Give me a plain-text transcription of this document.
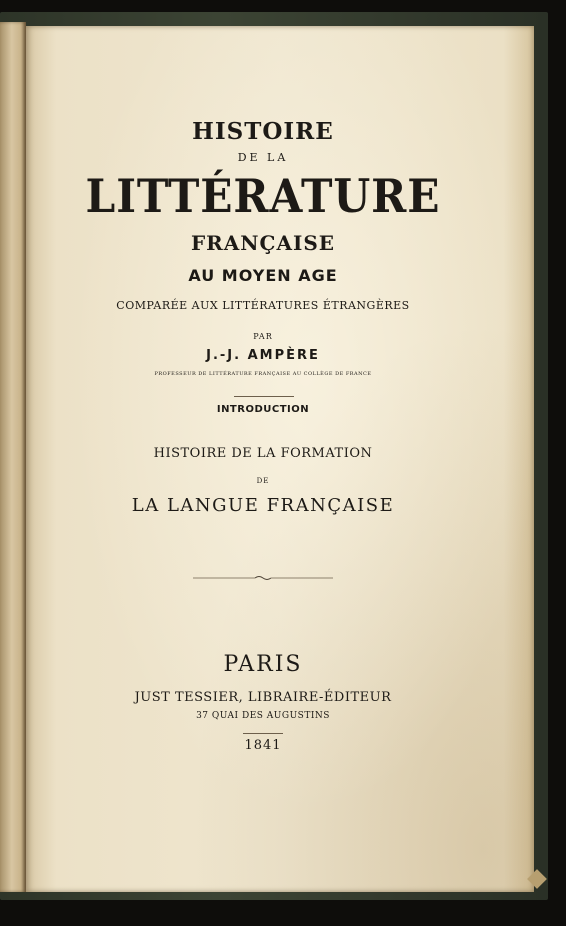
HISTOIRE
DE LA
LITTÉRATURE
FRANÇAISE
AU MOYEN AGE
COMPARÉE AUX LITTÉRATURES ÉTRANGÈRES
PAR
J.-J. AMPÈRE
PROFESSEUR DE LITTÉRATURE FRANÇAISE AU COLLÈGE DE FRANCE
INTRODUCTION
HISTOIRE DE LA FORMATION
DE
LA LANGUE FRANÇAISE
PARIS
JUST TESSIER, LIBRAIRE-ÉDITEUR
37 QUAI DES AUGUSTINS
1841
